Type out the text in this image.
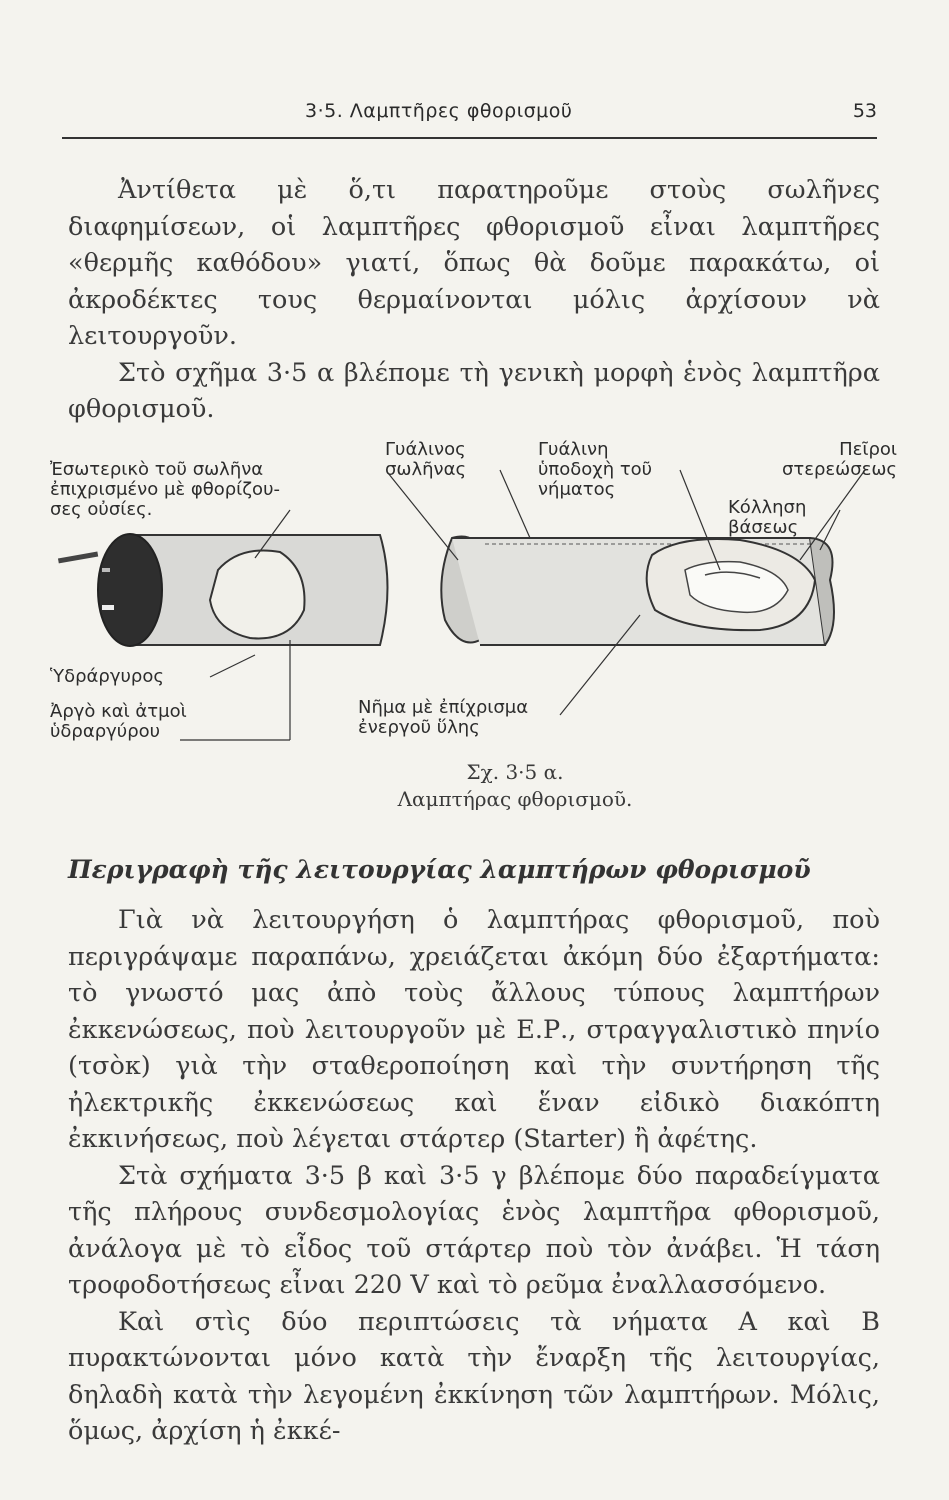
3·5. Λαμπτῆρες φθορισμοῦ	53

Ἀντίθετα μὲ ὅ,τι παρατηροῦμε στοὺς σωλῆνες διαφημίσεων, οἱ λαμπτῆρες φθορισμοῦ εἶναι λαμπτῆρες «θερμῆς καθόδου» γιατί, ὅπως θὰ δοῦμε παρακάτω, οἱ ἀκροδέκτες τους θερμαίνονται μόλις ἀρχίσουν νὰ λειτουργοῦν.

Στὸ σχῆμα 3·5 α βλέπομε τὴ γενικὴ μορφὴ ἑνὸς λαμπτῆρα φθορισμοῦ.

Ἐσωτερικὸ τοῦ σωλῆνα
ἐπιχρισμένο μὲ φθορίζου-
σες οὐσίες.
Γυάλινος
σωλῆνας
Γυάλινη
ὑποδοχὴ τοῦ
νήματος
Πεῖροι
στερεώσεως
Κόλληση
βάσεως
Ὑδράργυρος
Ἀργὸ καὶ ἀτμοὶ
ὑδραργύρου
Νῆμα μὲ ἐπίχρισμα
ἐνεργοῦ ὕλης
Σχ. 3·5 α.
Λαμπτήρας φθορισμοῦ.
Περιγραφὴ τῆς λειτουργίας λαμπτήρων φθορισμοῦ

Γιὰ νὰ λειτουργήση ὁ λαμπτήρας φθορισμοῦ, ποὺ περιγράψαμε παραπάνω, χρειάζεται ἀκόμη δύο ἐξαρτήματα: τὸ γνωστό μας ἀπὸ τοὺς ἄλλους τύπους λαμπτήρων ἐκκενώσεως, ποὺ λειτουργοῦν μὲ Ε.Ρ., στραγγαλιστικὸ πηνίο (τσὸκ) γιὰ τὴν σταθεροποίηση καὶ τὴν συντήρηση τῆς ἠλεκτρικῆς ἐκκενώσεως καὶ ἕναν εἰδικὸ διακόπτη ἐκκινήσεως, ποὺ λέγεται στάρτερ (Starter) ἢ ἀφέτης.

Στὰ σχήματα 3·5 β καὶ 3·5 γ βλέπομε δύο παραδείγματα τῆς πλήρους συνδεσμολογίας ἑνὸς λαμπτῆρα φθορισμοῦ, ἀνάλογα μὲ τὸ εἶδος τοῦ στάρτερ ποὺ τὸν ἀνάβει. Ἡ τάση τροφοδοτήσεως εἶναι 220 V καὶ τὸ ρεῦμα ἐναλλασσόμενο.

Καὶ στὶς δύο περιπτώσεις τὰ νήματα Α καὶ Β πυρακτώνονται μόνο κατὰ τὴν ἔναρξη τῆς λειτουργίας, δηλαδὴ κατὰ τὴν λεγομένη ἐκκίνηση τῶν λαμπτήρων. Μόλις, ὅμως, ἀρχίση ἡ ἐκκέ-
